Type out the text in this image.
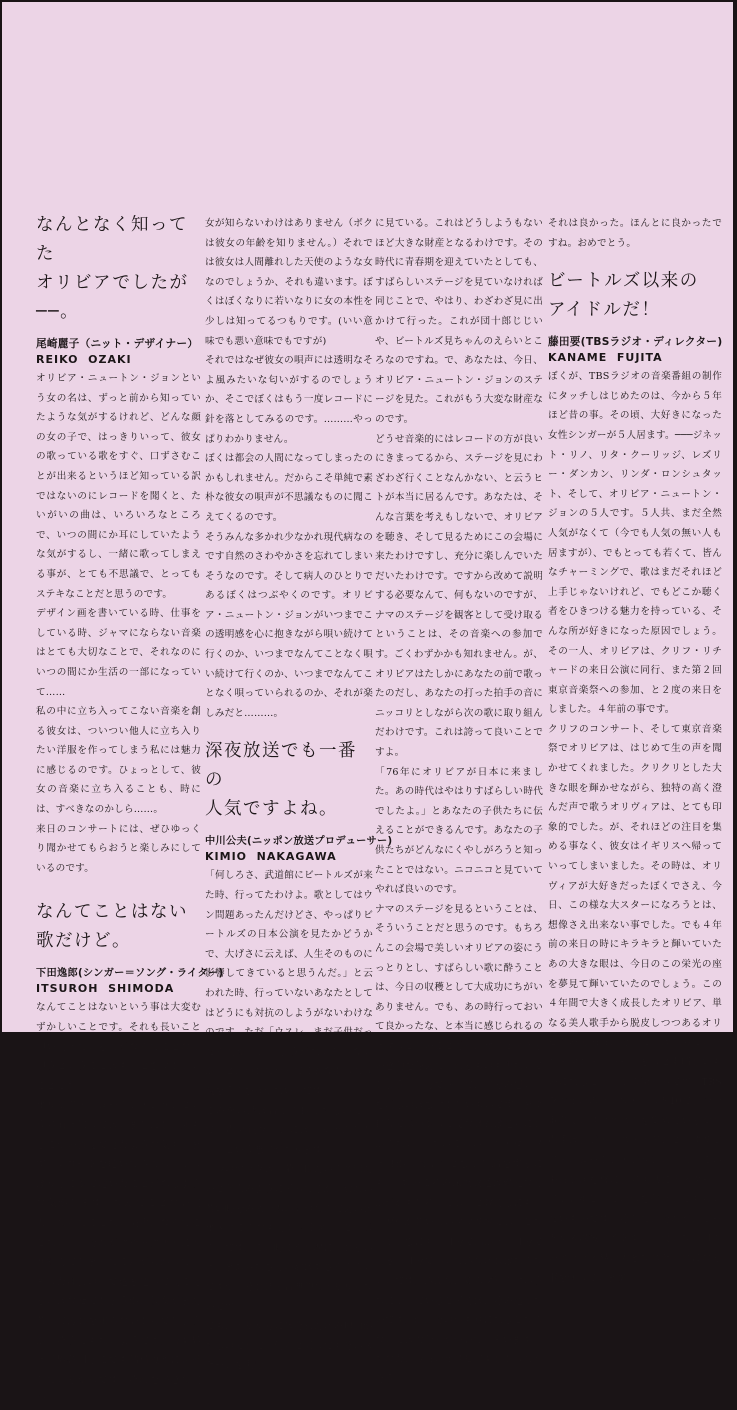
なんとなく知ってた
オリビアでしたが──。
尾崎麗子（ニット・デザイナー）
REIKO  OZAKI

オリビア・ニュートン・ジョンという女の名は、ずっと前から知っていたような気がするけれど、どんな顔の女の子で、はっきりいって、彼女の歌っている歌をすぐ、口ずさむことが出来るというほど知っている訳ではないのにレコードを聞くと、たいがいの曲は、いろいろなところで、いつの間にか耳にしていたような気がするし、一緒に歌ってしまえる事が、とても不思議で、とってもステキなことだと思うのです。

デザイン画を書いている時、仕事をしている時、ジャマにならない音楽はとても大切なことで、それなのにいつの間にか生活の一部になっていて……

私の中に立ち入ってこない音楽を創る彼女は、ついつい他人に立ち入りたい洋服を作ってしまう私には魅力に感じるのです。ひょっとして、彼女の音楽に立ち入ることも、時には、すべきなのかしら……。

来日のコンサートには、ぜひゆっくり聞かせてもらおうと楽しみにしているのです。

なんてことはない
歌だけど。
下田逸郎(シンガー＝ソング・ライター)
ITSUROH  SHIMODA

なんてことはないという事は大変むずかしいことです。それも長いこと唄い続けている人がなんてことなく唄うということはもっとむずかしいことです。

オリビア・ニュートン・ジョンという名前は知ってはいましたし、顔もどこかの雑誌で見たような気もします。レコードを聴いてみたら、やっぱりどこかで聴いたことがあるような気がします。なんてことない美人、なんてことない美声、なんてことない唄、それがグチャグチャに入り組んでしまってこんがらがってしまった都会の中で透き通って聞こえるのはなぜでしょうか、彼女がまだ若くて汚れを知らないからでしょうか、そうでもないようです。音楽界は世界各国どこでも結構複雑に屈折しているからです。それを多感な美少

女が知らないわけはありません（ボクは彼女の年齢を知りません。）それでは彼女は人間離れした天使のような女なのでしょうか、それも違います。ぼくはぼくなりに若いなりに女の本性を少しは知ってるつもりです。(いい意味でも悪い意味でもですが)

それではなぜ彼女の唄声には透明なそよ風みたいな匂いがするのでしょうか、そこでぼくはもう一度レコードに針を落としてみるのです。………やっぱりわかりません。

ぼくは都会の人間になってしまったのかもしれません。だからこそ単純で素朴な彼女の唄声が不思議なものに聞こえてくるのです。

そうみんな多かれ少なかれ現代病なのです自然のさわやかさを忘れてしまいそうなのです。そして病人のひとりであるぼくはつぶやくのです。オリビア・ニュートン・ジョンがいつまでこの透明感を心に抱きながら唄い続けて行くのか、いつまでなんてことなく唄い続けて行くのか、いつまでなんてことなく唄っていられるのか、それが楽しみだと………。

深夜放送でも一番の
人気ですよね。
中川公夫(ニッポン放送プロデューサー)
KIMIO  NAKAGAWA

「何しろさ、武道館にビートルズが来た時、行ってたわけよ。歌としてはウン問題あったんだけどさ、やっぱりビートルズの日本公演を見たかどうかで、大げさに云えば、人生そのものに影響してきていると思うんだ。」と云われた時、行っていないあなたとしてはどうにも対抗のしようがないわけなのです。ただ「ウスレ。まだ子供だったんだから、しょうがないじゃないか」と、つれて行ってくれなかった両親をうらむほかないのです。

このテの話は昔から良くあるのでして、歌舞伎ファンには「団十郎じじい」という悪口があります。

「今のヤツラは、菊五郎だの吉エ門だのと名人のように云ってるが、おれの若い時分の団十郎の舞台なんてえのはオメエこんなもんじゃネエ。」とつづくのです。この時くやし涙にくれるのは、まあみなさんのおばあさんぐらいですか。それほど古典的なイビリ方なのです。

でも、イビル方にはそれだけの理由があるのでして、何んと云ってもそのステージを実際

に見ている。これはどうしようもないほど大きな財産となるわけです。その時代に青春期を迎えていたとしても、すばらしいステージを見ていなければ同じことで、やはり、わざわざ見に出かけて行った。これが団十郎じじいや、ビートルズ見ちゃんのえらいところなのですね。で、あなたは、今日、オリビア・ニュートン・ジョンのステージを見た。これがもう大変な財産なのです。

どうせ音楽的にはレコードの方が良いにきまってるから、ステージを見にわざわざ行くことなんかない、と云うヒトが本当に居るんです。あなたは、そんな言葉を考えもしないで、オリビアを聴き、そして見るためにこの会場に来たわけですし、充分に楽しんでいただいたわけです。ですから改めて説明する必要なんて、何もないのですが、ナマのステージを観客として受け取るということは、その音楽への参加です。ごくわずかかも知れません。が、オリビアはたしかにあなたの前で歌ったのだし、あなたの打った拍手の音にニッコリとしながら次の歌に取り組んだわけです。これは誇って良いことですよ。

「76年にオリビアが日本に来ました。あの時代はやはりすばらしい時代でしたよ。」とあなたの子供たちに伝えることができるんです。あなたの子供たちがどんなにくやしがろうと知ったことではない。ニコニコと見ていてやれば良いのです。

ナマのステージを見るということは、そういうことだと思うのです。もちろんこの会場で美しいオリビアの姿にうっとりとし、すばらしい歌に酔うことは、今日の収穫として大成功にちがいありません。でも、あの時行っておいて良かったな、と本当に感じられるのはずっと昔のことだし、オリビアほどの感動を与えてくれるものも少ないでしょう。自分で探して、自分の想い出を創るのはむずかしいものです。まず自分でぶつかって見なければ絶対にわからない。「あのころのニニ・ロッソは良かったよ」とむかし話をするにも、「あのころの深夜放送は鶴光なんかがおもしろくてね」と教えるにも、「原宿が若い人のタマリ場でね」となつかしむにも、自分で出かけ、自分で聞き、自分で歩いてみなければならないのです。みんな、知らず知らずのうちにやっていると云えば、その通りなのです。が、そのつもりになるとならないでは大分差がついてしまいます。

あなた、今日のオリビア楽しかった？そう。

それは良かった。ほんとに良かったですね。おめでとう。

ビートルズ以来の
アイドルだ！
藤田要(TBSラジオ・ディレクター)
KANAME  FUJITA

ぼくが、TBSラジオの音楽番組の制作にタッチしはじめたのは、今から５年ほど昔の事。その頃、大好きになった女性シンガーが５人居ます。───ジネット・リノ、リタ・クーリッジ、レズリー・ダンカン、リンダ・ロンシュタット、そして、オリビア・ニュートン・ジョンの５人です。５人共、まだ全然人気がなくて（今でも人気の無い人も居ますが）、でもとっても若くて、皆んなチャーミングで、歌はまだそれほど上手じゃないけれど、でもどこか聴く者をひきつける魅力を持っている、そんな所が好きになった原因でしょう。その一人、オリビアは、クリフ・リチャードの来日公演に同行、また第２回東京音楽祭への参加、と２度の来日をしました。４年前の事です。

クリフのコンサート、そして東京音楽祭でオリビアは、はじめて生の声を聞かせてくれました。クリクリとした大きな眼を輝かせながら、独特の高く澄んだ声で歌うオリヴィアは、とても印象的でした。が、それほどの注目を集める事なく、彼女はイギリスへ帰っていってしまいました。その時は、オリヴィアが大好きだったぼくでさえ、今日、この様な大スターになろうとは、想像さえ出来ない事でした。でも４年前の来日の時にキラキラと輝いていたあの大きな眼は、今日のこの栄光の座を夢見て輝いていたのでしょう。この４年間で大きく成長したオリビア、単なる美人歌手から脱皮しつつあるオリビアの再来日、そして、はじめてのワン・マン・ショー。きっと素晴しいものになると、今から楽しみです。TBSラジオのポップス・ベスト10で、今一番多くのリクエストを集めている女性歌手は、ジャニス・イアンと、オリビア・ニュートン・ジョンの二人。この来日公演を機に、名実共に大スター、アイドルとしての座を確立してもらいたいものです。そして、それが、ビートルズ以後アイドルの出現しない日本のポップス界の大きなステップになる事を願っています。
